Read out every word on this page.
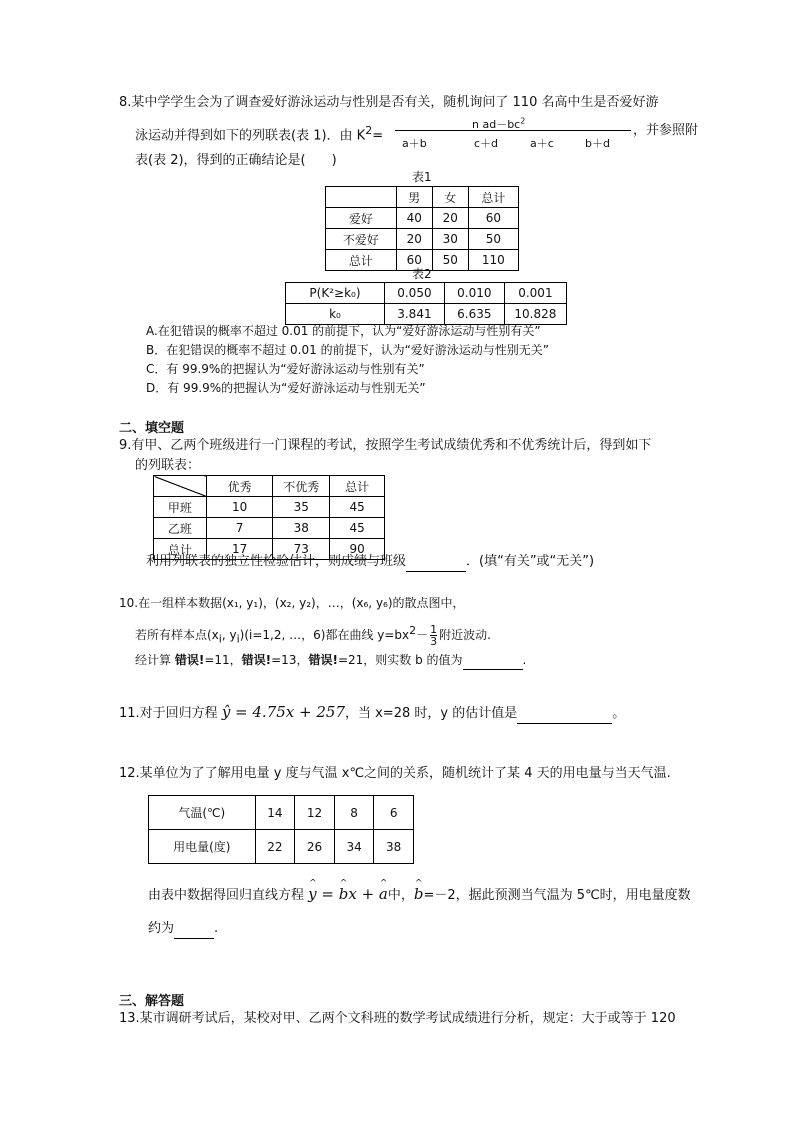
8.某中学学生会为了调查爱好游泳运动与性别是否有关，随机询问了 110 名高中生是否爱好游
泳运动并得到如下的列联表(表 1)．由 $K^2=$
n $ad-bc^2$
a＋b	c＋d	a＋c	b＋d
，并参照附
表(表 2)，得到的正确结论是(　　)
表1
	男	女	总计
爱好	40	20	60
不爱好	20	30	50
总计	60	50	110
表2
P(K²≥k₀)	0.050	0.010	0.001
k₀	3.841	6.635	10.828
A.在犯错误的概率不超过 0.01 的前提下，认为“爱好游泳运动与性别有关”
B．在犯错误的概率不超过 0.01 的前提下，认为“爱好游泳运动与性别无关”
C．有 99.9%的把握认为“爱好游泳运动与性别有关”
D．有 99.9%的把握认为“爱好游泳运动与性别无关”
二、填空题
9.有甲、乙两个班级进行一门课程的考试，按照学生考试成绩优秀和不优秀统计后，得到如下
的列联表：
	优秀	不优秀	总计
甲班	10	35	45
乙班	7	38	45
总计	17	73	90
利用列联表的独立性检验估计，则成绩与班级	．(填“有关”或“无关”)
10.在一组样本数据(x₁, y₁)，(x₂, y₂)，…，(x₆, y₆)的散点图中，
若所有样本点($x_i$, $y_i)(i=1,2$, …，6)都在曲线 $y=bx^2- \frac{1}{3}$ 附近波动.
经计算 错误!=11，错误!=13，错误!=21，则实数 b 的值为	.
11.对于回归方程 ŷ = 4.75x + 257，当 x=28 时，y 的估计值是	。
12.某单位为了了解用电量 y 度与气温 x℃之间的关系，随机统计了某 4 天的用电量与当天气温.
气温(℃)	14	12	8	6
用电量(度)	22	26	34	38
由表中数据得回归直线方程 ^ y = ^ bx + ^ a中，^ b=－2，据此预测当气温为 5℃时，用电量度数
约为	.
三、解答题
13.某市调研考试后，某校对甲、乙两个文科班的数学考试成绩进行分析，规定：大于或等于 120
